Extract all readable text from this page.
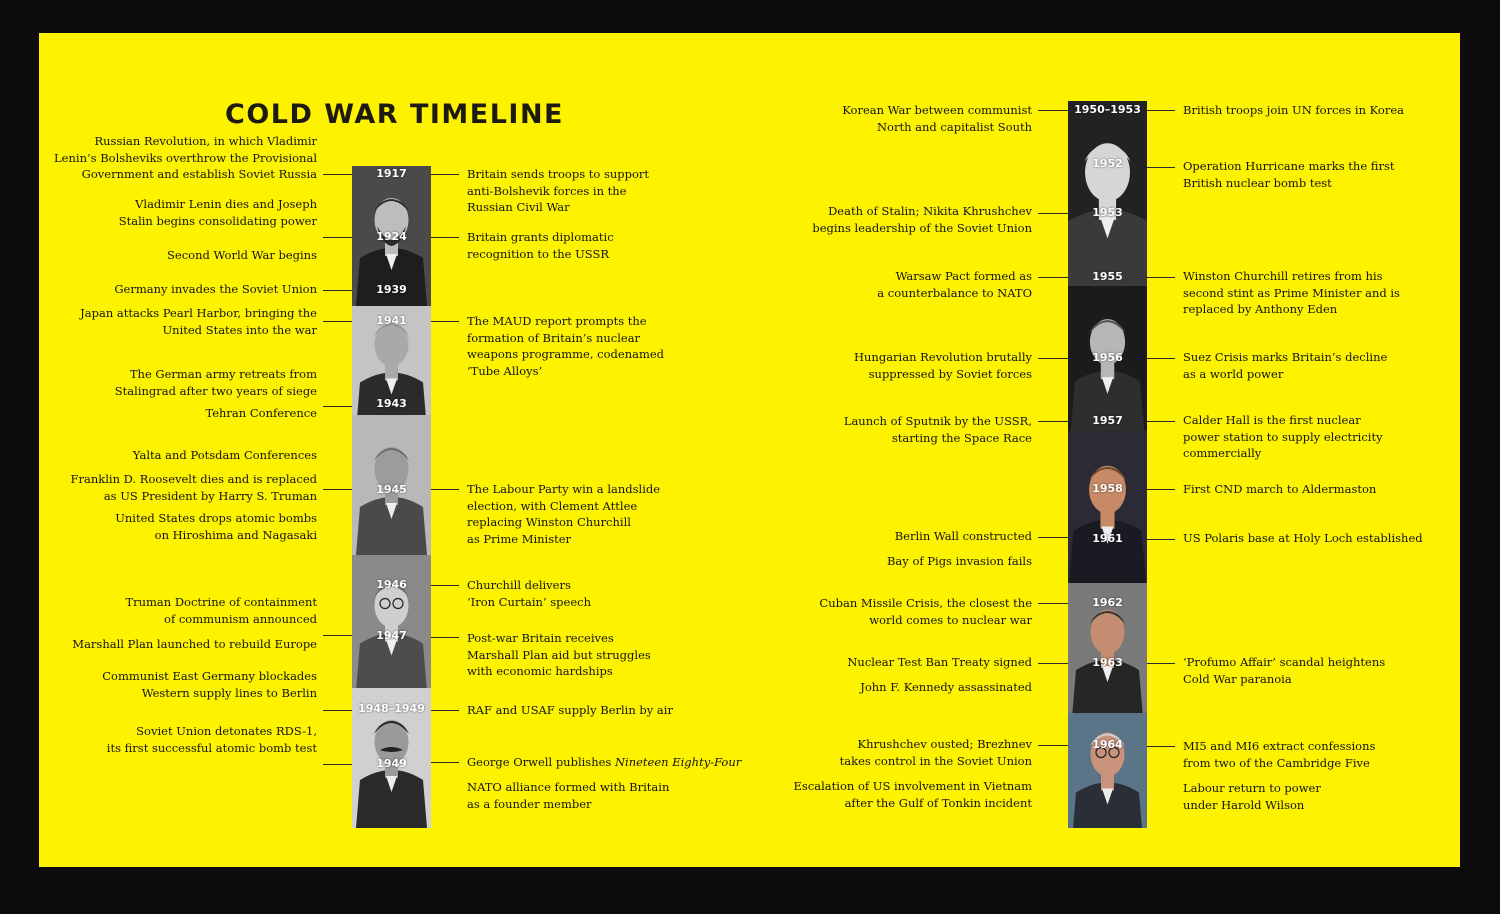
COLD WAR TIMELINE
1917
1924
1939
1941
1943
1945
1946
1947
1948–1949
1949
Russian Revolution, in which Vladimir
Lenin’s Bolsheviks overthrow the Provisional
Government and establish Soviet Russia
Vladimir Lenin dies and Joseph
Stalin begins consolidating power
Second World War begins
Germany invades the Soviet Union
Japan attacks Pearl Harbor, bringing the
United States into the war
The German army retreats from
Stalingrad after two years of siege
Tehran Conference
Yalta and Potsdam Conferences
Franklin D. Roosevelt dies and is replaced
as US President by Harry S. Truman
United States drops atomic bombs
on Hiroshima and Nagasaki
Truman Doctrine of containment
of communism announced
Marshall Plan launched to rebuild Europe
Communist East Germany blockades
Western supply lines to Berlin
Soviet Union detonates RDS-1,
its first successful atomic bomb test
Britain sends troops to support
anti-Bolshevik forces in the
Russian Civil War
Britain grants diplomatic
recognition to the USSR
The MAUD report prompts the
formation of Britain’s nuclear
weapons programme, codenamed
‘Tube Alloys’
The Labour Party win a landslide
election, with Clement Attlee
replacing Winston Churchill
as Prime Minister
Churchill delivers
‘Iron Curtain’ speech
Post-war Britain receives
Marshall Plan aid but struggles
with economic hardships
RAF and USAF supply Berlin by air
George Orwell publishes Nineteen Eighty-Four
NATO alliance formed with Britain
as a founder member
1950–1953
1952
1953
1955
1956
1957
1958
1961
1962
1963
1964
Korean War between communist
North and capitalist South
Death of Stalin; Nikita Khrushchev
begins leadership of the Soviet Union
Warsaw Pact formed as
a counterbalance to NATO
Hungarian Revolution brutally
suppressed by Soviet forces
Launch of Sputnik by the USSR,
starting the Space Race
Berlin Wall constructed
Bay of Pigs invasion fails
Cuban Missile Crisis, the closest the
world comes to nuclear war
Nuclear Test Ban Treaty signed
John F. Kennedy assassinated
Khrushchev ousted; Brezhnev
takes control in the Soviet Union
Escalation of US involvement in Vietnam
after the Gulf of Tonkin incident
British troops join UN forces in Korea
Operation Hurricane marks the first
British nuclear bomb test
Winston Churchill retires from his
second stint as Prime Minister and is
replaced by Anthony Eden
Suez Crisis marks Britain’s decline
as a world power
Calder Hall is the first nuclear
power station to supply electricity
commercially
First CND march to Aldermaston
US Polaris base at Holy Loch established
‘Profumo Affair’ scandal heightens
Cold War paranoia
MI5 and MI6 extract confessions
from two of the Cambridge Five
Labour return to power
under Harold Wilson
